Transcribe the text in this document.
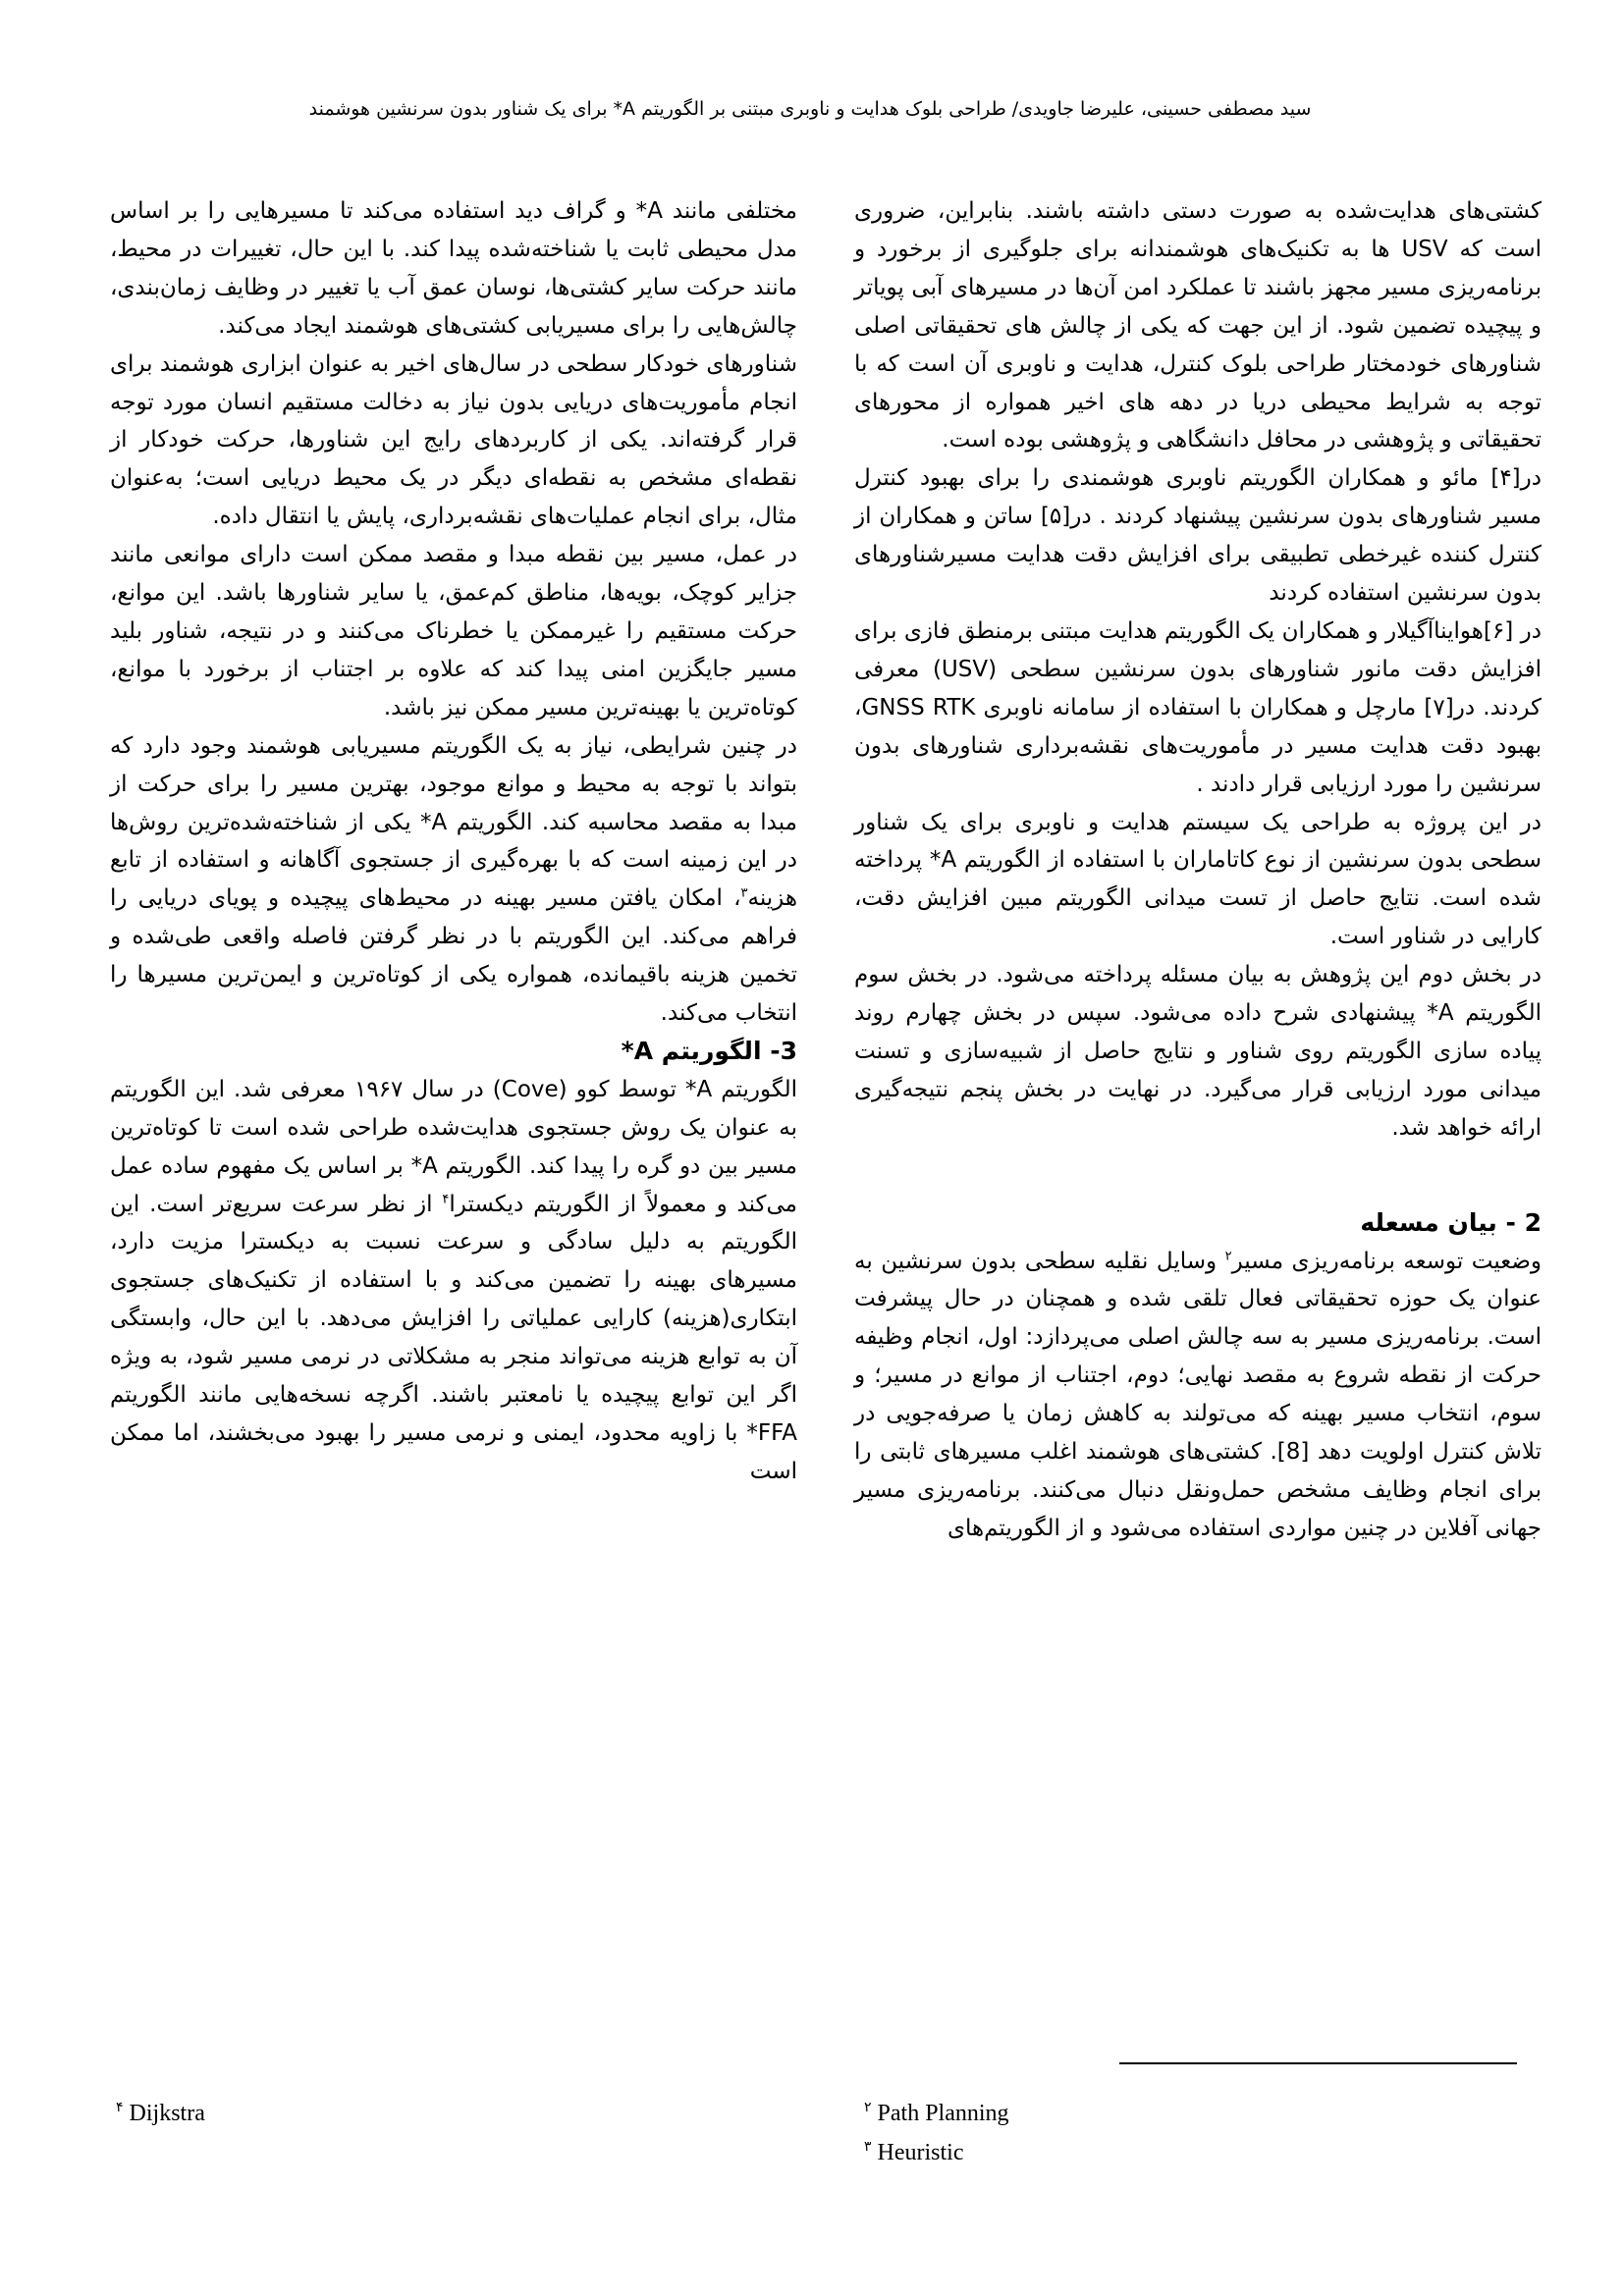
سید مصطفی حسینی، علیرضا جاویدی/ طراحی بلوک هدایت و ناوبری مبتنی بر الگوریتم A* برای یک شناور بدون سرنشین هوشمند

کشتی‌های هدایت‌شده به صورت دستی داشته باشند. بنابراین، ضروری است که USV ها به تکنیک‌های هوشمندانه برای جلوگیری از برخورد و برنامه‌ریزی مسیر مجهز باشند تا عملکرد امن آن‌ها در مسیرهای آبی پویاتر و پیچیده تضمین شود. از این جهت که یکی از چالش های تحقیقاتی اصلی شناورهای خودمختار طراحی بلوک کنترل، هدایت و ناوبری آن است که با توجه به شرایط محیطی دریا در دهه های اخیر همواره از محورهای تحقیقاتی و پژوهشی در محافل دانشگاهی و پژوهشی بوده است.

در[۴] مائو و همکاران الگوریتم ناوبری هوشمندی را برای بهبود کنترل مسیر شناورهای بدون سرنشین پیشنهاد کردند . در[۵] ساتن و همکاران از کنترل کننده غیرخطی تطبیقی برای افزایش دقت هدایت مسیرشناورهای بدون سرنشین استفاده کردند

در [۶]هوایناآگیلار و همکاران یک الگوریتم هدایت مبتنی برمنطق فازی برای افزایش دقت مانور شناورهای بدون سرنشین سطحی (USV) معرفی کردند. در[۷] مارچل و همکاران با استفاده از سامانه ناوبری GNSS RTK، بهبود دقت هدایت مسیر در مأموریت‌های نقشه‌برداری شناورهای بدون سرنشین را مورد ارزیابی قرار دادند .

در این پروژه به طراحی یک سیستم هدایت و ناوبری برای یک شناور سطحی بدون سرنشین از نوع کاتاماران با استفاده از الگوریتم A* پرداخته شده است. نتایج حاصل از تست میدانی الگوریتم مبین افزایش دقت، کارایی در شناور است.

در بخش دوم این پژوهش به بیان مسئله پرداخته می‌شود. در بخش سوم الگوریتم A* پیشنهادی شرح داده می‌شود. سپس در بخش چهارم روند پیاده سازی الگوریتم روی شناور و نتایج حاصل از شبیه‌سازی و تسنت میدانی مورد ارزیابی قرار می‌گیرد. در نهایت در بخش پنجم نتیجه‌گیری ارائه خواهد شد.

2 - بیان مسعله

وضعیت توسعه برنامه‌ریزی مسیر$^۲$ وسایل نقلیه سطحی بدون سرنشین به عنوان یک حوزه تحقیقاتی فعال تلقی شده و همچنان در حال پیشرفت است. برنامه‌ریزی مسیر به سه چالش اصلی می‌پردازد: اول، انجام وظیفه حرکت از نقطه شروع به مقصد نهایی؛ دوم، اجتناب از موانع در مسیر؛ و سوم، انتخاب مسیر بهینه که می‌تولند به کاهش زمان یا صرفه‌جویی در تلاش کنترل اولویت دهد [8]. کشتی‌های هوشمند اغلب مسیرهای ثابتی را برای انجام وظایف مشخص حمل‌ونقل دنبال می‌کنند. برنامه‌ریزی مسیر جهانی آفلاین در چنین مواردی استفاده می‌شود و از الگوریتم‌های

مختلفی مانند A* و گراف دید استفاده می‌کند تا مسیرهایی را بر اساس مدل محیطی ثابت یا شناخته‌شده پیدا کند. با این حال، تغییرات در محیط، مانند حرکت سایر کشتی‌ها، نوسان عمق آب یا تغییر در وظایف زمان‌بندی، چالش‌هایی را برای مسیریابی کشتی‌های هوشمند ایجاد می‌کند.

شناورهای خودکار سطحی در سال‌های اخیر به عنوان ابزاری هوشمند برای انجام مأموریت‌های دریایی بدون نیاز به دخالت مستقیم انسان مورد توجه قرار گرفته‌اند. یکی از کاربردهای رایج این شناورها، حرکت خودکار از نقطه‌ای مشخص به نقطه‌ای دیگر در یک محیط دریایی است؛ به‌عنوان مثال، برای انجام عملیات‌های نقشه‌برداری، پایش یا انتقال داده.

در عمل، مسیر بین نقطه مبدا و مقصد ممکن است دارای موانعی مانند جزایر کوچک، بویه‌ها، مناطق کم‌عمق، یا سایر شناورها باشد. این موانع، حرکت مستقیم را غیرممکن یا خطرناک می‌کنند و در نتیجه، شناور بلید مسیر جایگزین امنی پیدا کند که علاوه بر اجتناب از برخورد با موانع، کوتاه‌ترین یا بهینه‌ترین مسیر ممکن نیز باشد.

در چنین شرایطی، نیاز به یک الگوریتم مسیریابی هوشمند وجود دارد که بتواند با توجه به محیط و موانع موجود، بهترین مسیر را برای حرکت از مبدا به مقصد محاسبه کند. الگوریتم A* یکی از شناخته‌شده‌ترین روش‌ها در این زمینه است که با بهره‌گیری از جستجوی آگاهانه و استفاده از تابع هزینه$^۳$، امکان یافتن مسیر بهینه در محیط‌های پیچیده و پویای دریایی را فراهم می‌کند. این الگوریتم با در نظر گرفتن فاصله واقعی طی‌شده و تخمین هزینه باقیمانده، همواره یکی از کوتاه‌ترین و ایمن‌ترین مسیرها را انتخاب می‌کند.

3- الگوریتم A*

الگوریتم A* توسط کوو (Cove) در سال ۱۹۶۷ معرفی شد. این الگوریتم به عنوان یک روش جستجوی هدایت‌شده طراحی شده است تا کوتاه‌ترین مسیر بین دو گره را پیدا کند. الگوریتم A* بر اساس یک مفهوم ساده عمل می‌کند و معمولاً از الگوریتم دیکسترا$^۴$ از نظر سرعت سریع‌تر است. این الگوریتم به دلیل سادگی و سرعت نسبت به دیکسترا مزیت دارد، مسیرهای بهینه را تضمین می‌کند و با استفاده از تکنیک‌های جستجوی ابتکاری(هزینه) کارایی عملیاتی را افزایش می‌دهد. با این حال، وابستگی آن به توابع هزینه می‌تواند منجر به مشکلاتی در نرمی مسیر شود، به ویژه اگر این توابع پیچیده یا نامعتبر باشند. اگرچه نسخه‌هایی مانند الگوریتم FFA* با زاویه محدود، ایمنی و نرمی مسیر را بهبود می‌بخشند، اما ممکن است

$^۲$ Path Planning
$^۳$ Heuristic
$^۴$ Dijkstra
